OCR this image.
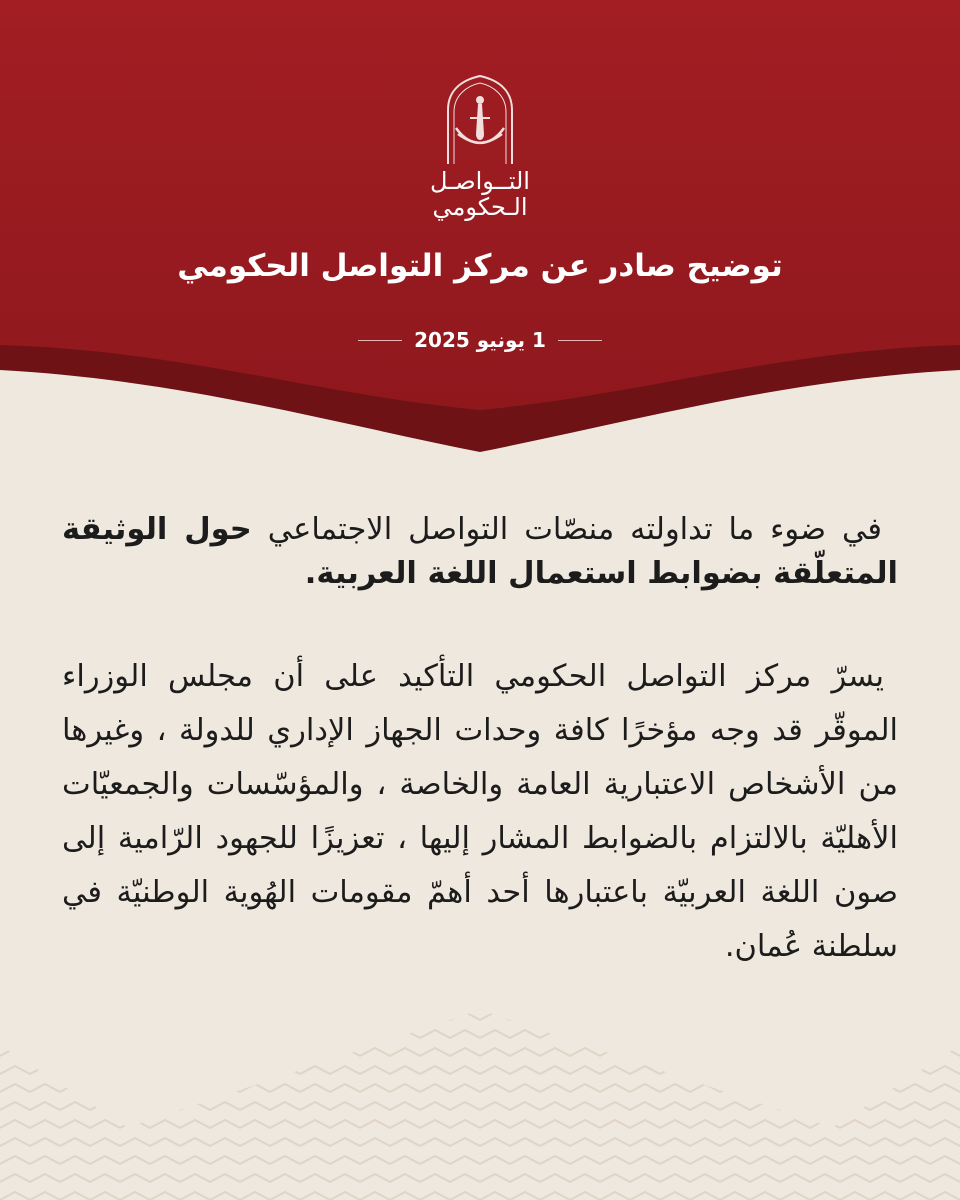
التــواصـل
الـحكومي
توضيح صادر عن مركز التواصل الحكومي
1 يونيو 2025
في ضوء ما تداولته منصّات التواصل الاجتماعي حول الوثيقة المتعلّقة بضوابط استعمال اللغة العربية.
يسرّ مركز التواصل الحكومي التأكيد على أن مجلس الوزراء الموقّر قد وجه مؤخرًا كافة وحدات الجهاز الإداري للدولة ، وغيرها من الأشخاص الاعتبارية العامة والخاصة ، والمؤسّسات والجمعيّات الأهليّة بالالتزام بالضوابط المشار إليها ، تعزيزًا للجهود الرّامية إلى صون اللغة العربيّة باعتبارها أحد أهمّ مقومات الهُوية الوطنيّة في سلطنة عُمان.
